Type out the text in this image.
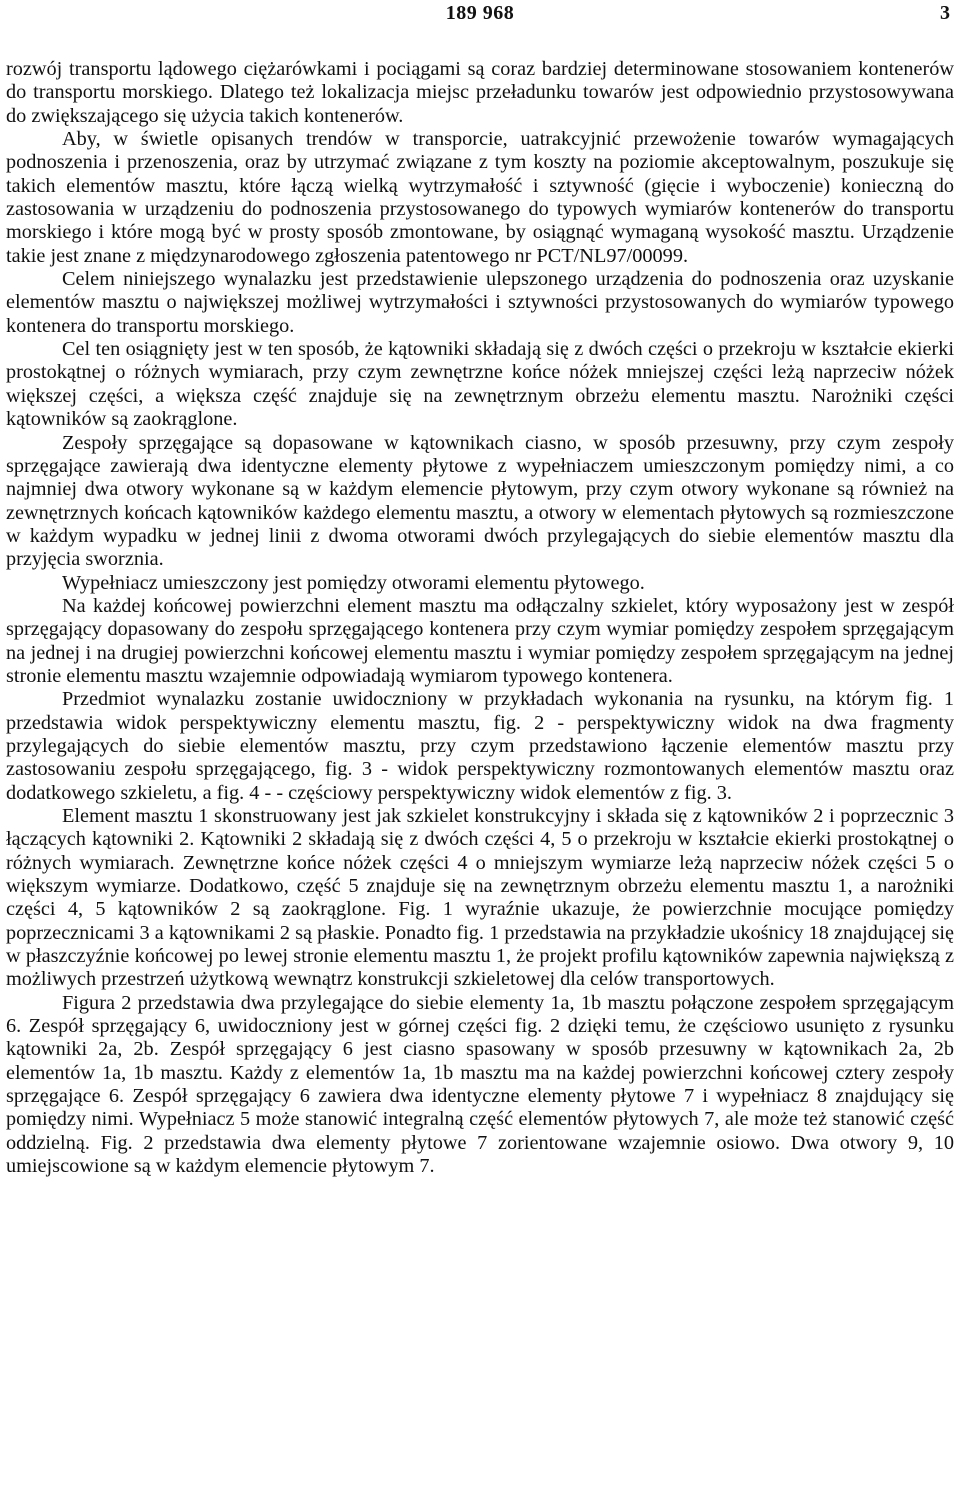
189 968	3

rozwój transportu lądowego ciężarówkami i pociągami są coraz bardziej determinowane stosowaniem kontenerów do transportu morskiego. Dlatego też lokalizacja miejsc przeładunku towarów jest odpowiednio przystosowywana do zwiększającego się użycia takich kontenerów.

Aby, w świetle opisanych trendów w transporcie, uatrakcyjnić przewożenie towarów wymagających podnoszenia i przenoszenia, oraz by utrzymać związane z tym koszty na poziomie akceptowalnym, poszukuje się takich elementów masztu, które łączą wielką wytrzymałość i sztywność (gięcie i wyboczenie) konieczną do zastosowania w urządzeniu do podnoszenia przystosowanego do typowych wymiarów kontenerów do transportu morskiego i które mogą być w prosty sposób zmontowane, by osiągnąć wymaganą wysokość masztu. Urządzenie takie jest znane z międzynarodowego zgłoszenia patentowego nr PCT/NL97/00099.

Celem niniejszego wynalazku jest przedstawienie ulepszonego urządzenia do podnoszenia oraz uzyskanie elementów masztu o największej możliwej wytrzymałości i sztywności przystosowanych do wymiarów typowego kontenera do transportu morskiego.

Cel ten osiągnięty jest w ten sposób, że kątowniki składają się z dwóch części o przekroju w kształcie ekierki prostokątnej o różnych wymiarach, przy czym zewnętrzne końce nóżek mniejszej części leżą naprzeciw nóżek większej części, a większa część znajduje się na zewnętrznym obrzeżu elementu masztu. Narożniki części kątowników są zaokrąglone.

Zespoły sprzęgające są dopasowane w kątownikach ciasno, w sposób przesuwny, przy czym zespoły sprzęgające zawierają dwa identyczne elementy płytowe z wypełniaczem umieszczonym pomiędzy nimi, a co najmniej dwa otwory wykonane są w każdym elemencie płytowym, przy czym otwory wykonane są również na zewnętrznych końcach kątowników każdego elementu masztu, a otwory w elementach płytowych są rozmieszczone w każdym wypadku w jednej linii z dwoma otworami dwóch przylegających do siebie elementów masztu dla przyjęcia sworznia.

Wypełniacz umieszczony jest pomiędzy otworami elementu płytowego.

Na każdej końcowej powierzchni element masztu ma odłączalny szkielet, który wyposażony jest w zespół sprzęgający dopasowany do zespołu sprzęgającego kontenera przy czym wymiar pomiędzy zespołem sprzęgającym na jednej i na drugiej powierzchni końcowej elementu masztu i wymiar pomiędzy zespołem sprzęgającym na jednej stronie elementu masztu wzajemnie odpowiadają wymiarom typowego kontenera.

Przedmiot wynalazku zostanie uwidoczniony w przykładach wykonania na rysunku, na którym fig. 1 przedstawia widok perspektywiczny elementu masztu, fig. 2 - perspektywiczny widok na dwa fragmenty przylegających do siebie elementów masztu, przy czym przedstawiono łączenie elementów masztu przy zastosowaniu zespołu sprzęgającego, fig. 3 - widok perspektywiczny rozmontowanych elementów masztu oraz dodatkowego szkieletu, a fig. 4 - - częściowy perspektywiczny widok elementów z fig. 3.

Element masztu 1 skonstruowany jest jak szkielet konstrukcyjny i składa się z kątowników 2 i poprzecznic 3 łączących kątowniki 2. Kątowniki 2 składają się z dwóch części 4, 5 o przekroju w kształcie ekierki prostokątnej o różnych wymiarach. Zewnętrzne końce nóżek części 4 o mniejszym wymiarze leżą naprzeciw nóżek części 5 o większym wymiarze. Dodatkowo, część 5 znajduje się na zewnętrznym obrzeżu elementu masztu 1, a narożniki części 4, 5 kątowników 2 są zaokrąglone. Fig. 1 wyraźnie ukazuje, że powierzchnie mocujące pomiędzy poprzecznicami 3 a kątownikami 2 są płaskie. Ponadto fig. 1 przedstawia na przykładzie ukośnicy 18 znajdującej się w płaszczyźnie końcowej po lewej stronie elementu masztu 1, że projekt profilu kątowników zapewnia największą z możliwych przestrzeń użytkową wewnątrz konstrukcji szkieletowej dla celów transportowych.

Figura 2 przedstawia dwa przylegające do siebie elementy 1a, 1b masztu połączone zespołem sprzęgającym 6. Zespół sprzęgający 6, uwidoczniony jest w górnej części fig. 2 dzięki temu, że częściowo usunięto z rysunku kątowniki 2a, 2b. Zespół sprzęgający 6 jest ciasno spasowany w sposób przesuwny w kątownikach 2a, 2b elementów 1a, 1b masztu. Każdy z elementów 1a, 1b masztu ma na każdej powierzchni końcowej cztery zespoły sprzęgające 6. Zespół sprzęgający 6 zawiera dwa identyczne elementy płytowe 7 i wypełniacz 8 znajdujący się pomiędzy nimi. Wypełniacz 5 może stanowić integralną część elementów płytowych 7, ale może też stanowić część oddzielną. Fig. 2 przedstawia dwa elementy płytowe 7 zorientowane wzajemnie osiowo. Dwa otwory 9, 10 umiejscowione są w każdym elemencie płytowym 7.
